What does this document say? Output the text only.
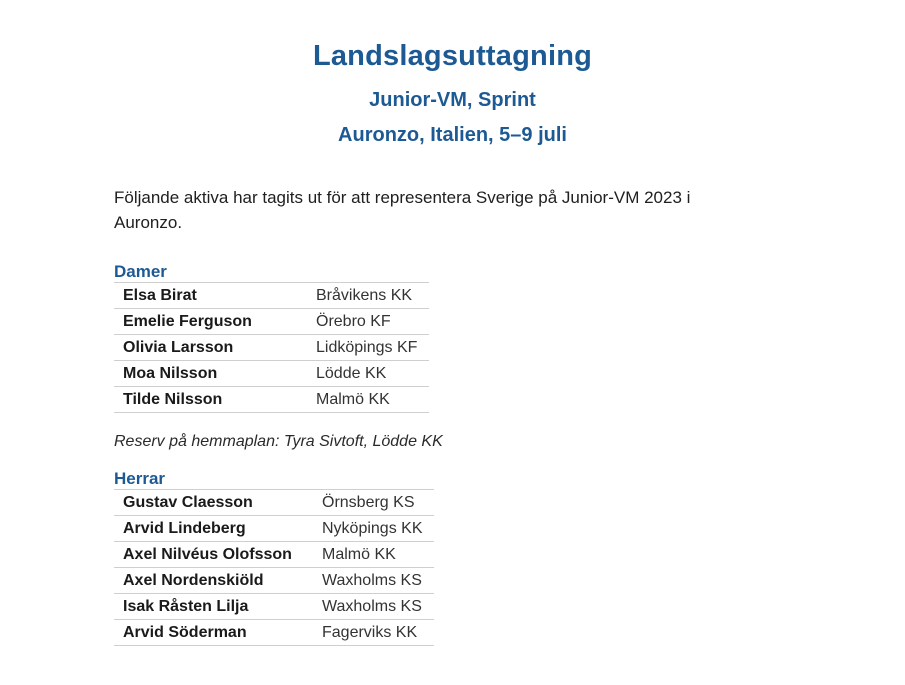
Landslagsuttagning
Junior-VM, Sprint
Auronzo, Italien, 5–9 juli

Följande aktiva har tagits ut för att representera Sverige på Junior-VM 2023 i Auronzo.

Damer
Elsa Birat	Bråvikens KK
Emelie Ferguson	Örebro KF
Olivia Larsson	Lidköpings KF
Moa Nilsson	Lödde KK
Tilde Nilsson	Malmö KK

Reserv på hemmaplan: Tyra Sivtoft, Lödde KK

Herrar
Gustav Claesson	Örnsberg KS
Arvid Lindeberg	Nyköpings KK
Axel Nilvéus Olofsson	Malmö KK
Axel Nordenskiöld	Waxholms KS
Isak Råsten Lilja	Waxholms KS
Arvid Söderman	Fagerviks KK
